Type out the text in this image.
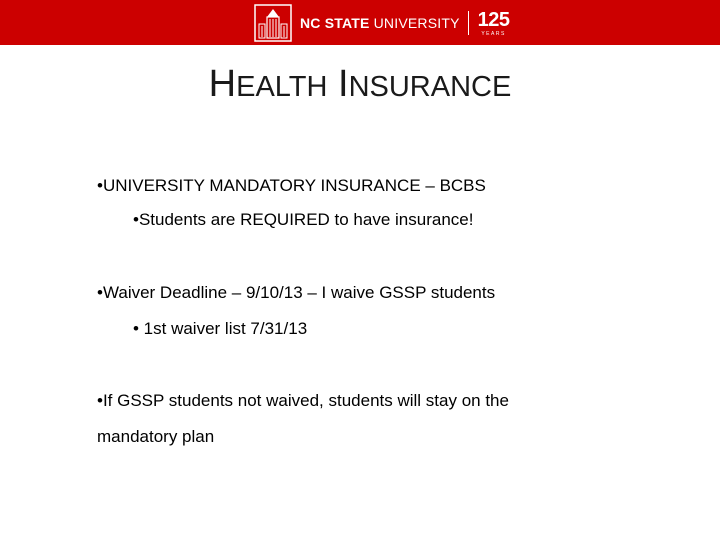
NC STATE UNIVERSITY 125
YEARS
HEALTH INSURANCE
•UNIVERSITY MANDATORY INSURANCE – BCBS
•Students are REQUIRED to have insurance!
•Waiver Deadline – 9/10/13 – I waive GSSP students
• 1st waiver list 7/31/13
•If GSSP students not waived, students will stay on the
mandatory plan
